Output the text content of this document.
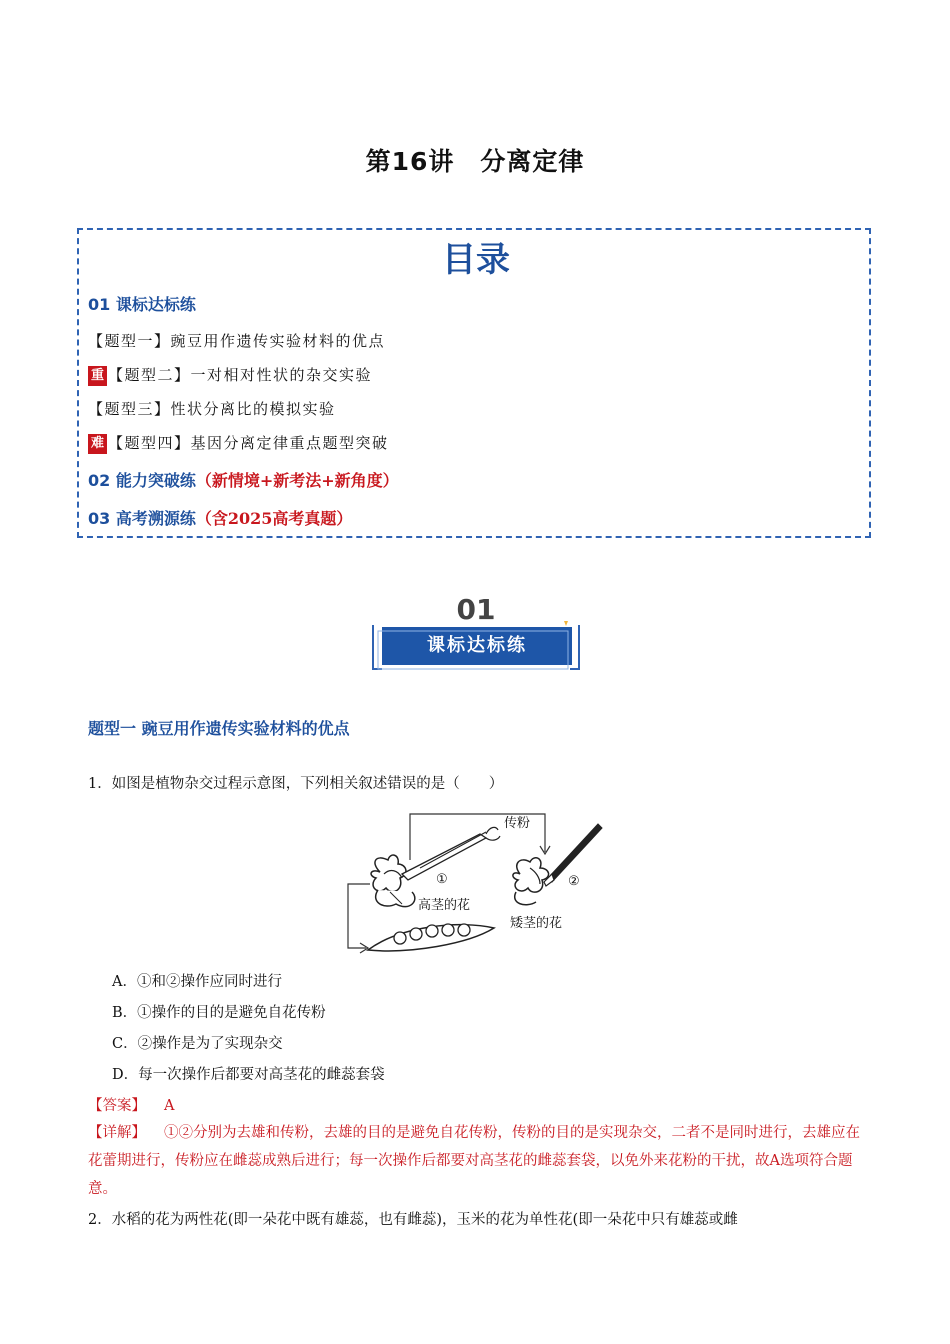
第16讲　分离定律
目录
01 课标达标练
【题型一】豌豆用作遗传实验材料的优点
重 【题型二】一对相对性状的杂交实验
【题型三】性状分离比的模拟实验
难 【题型四】基因分离定律重点题型突破
02 能力突破练（新情境+新考法+新角度）
03 高考溯源练（含2025高考真题）
01
课标达标练
题型一 豌豆用作遗传实验材料的优点
1．如图是植物杂交过程示意图，下列相关叙述错误的是（　　）
传粉
①	②
高茎的花
矮茎的花
A．①和②操作应同时进行
B．①操作的目的是避免自花传粉
C．②操作是为了实现杂交
D．每一次操作后都要对高茎花的雌蕊套袋
【答案】 A
【详解】 ①②分别为去雄和传粉，去雄的目的是避免自花传粉，传粉的目的是实现杂交，二者不是同时进行，去雄应在花蕾期进行，传粉应在雌蕊成熟后进行；每一次操作后都要对高茎花的雌蕊套袋，以免外来花粉的干扰，故A选项符合题意。
2．水稻的花为两性花(即一朵花中既有雄蕊，也有雌蕊)，玉米的花为单性花(即一朵花中只有雄蕊或雌
